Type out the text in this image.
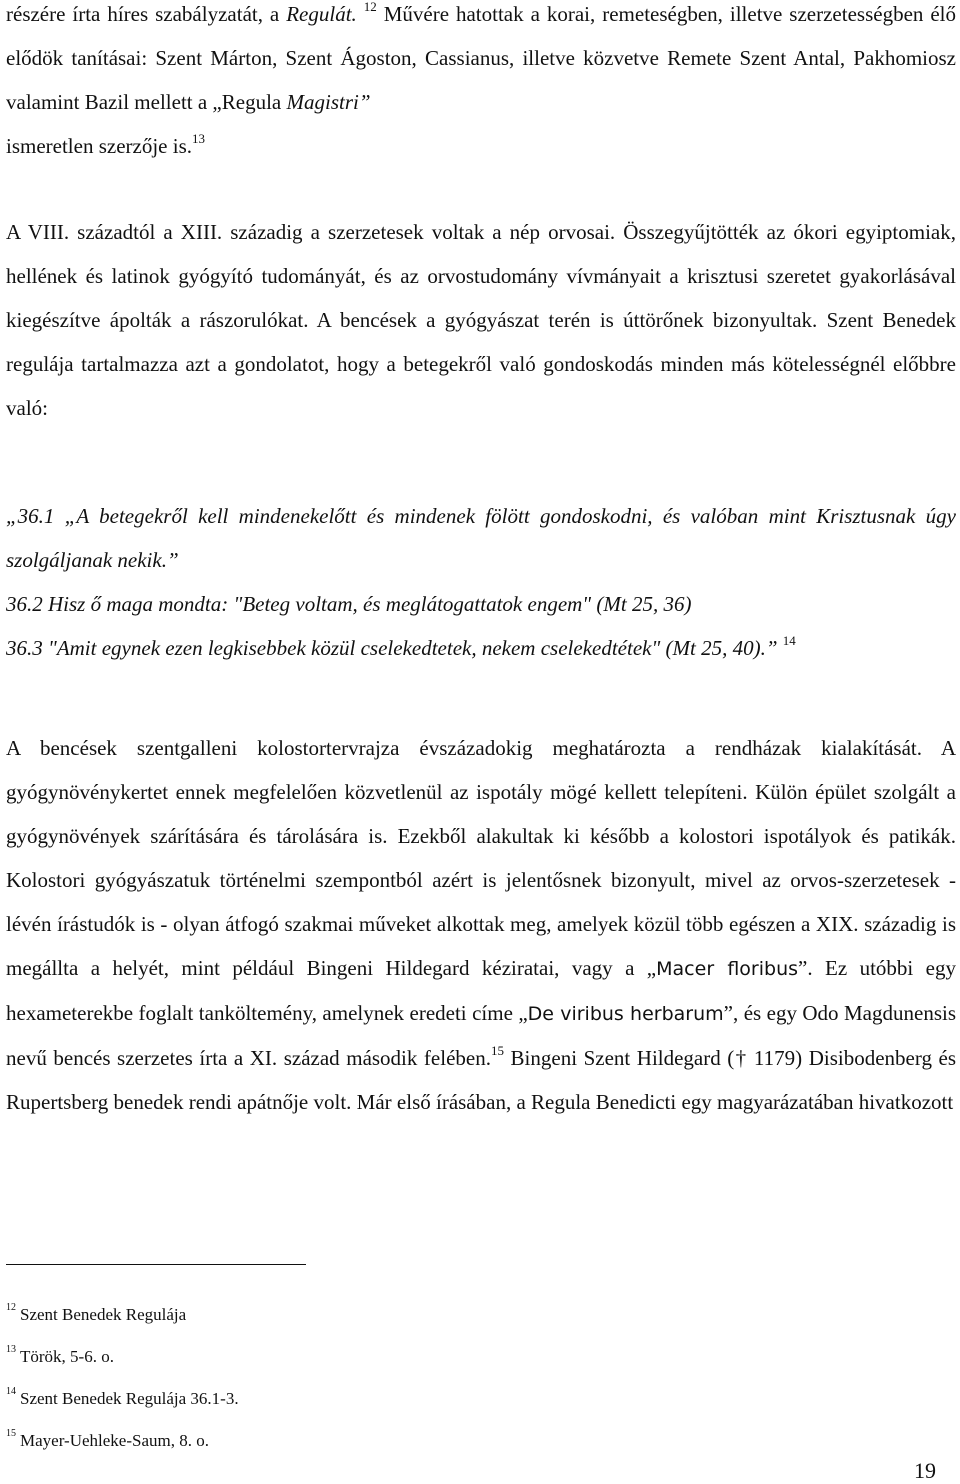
részére írta híres szabályzatát, a Regulát. $^{12}$ Művére hatottak a korai, remeteségben, illetve szerzetességben élő elődök tanításai: Szent Márton, Szent Ágoston, Cassianus, illetve közvetve Remete Szent Antal, Pakhomiosz valamint Bazil mellett a „Regula Magistri”
ismeretlen szerzője is.$^{13}$

A VIII. századtól a XIII. századig a szerzetesek voltak a nép orvosai. Összegyűjtötték az ókori egyiptomiak, hellének és latinok gyógyító tudományát, és az orvostudomány vívmányait a krisztusi szeretet gyakorlásával kiegészítve ápolták a rászorulókat. A bencések a gyógyászat terén is úttörőnek bizonyultak. Szent Benedek regulája tartalmazza azt a gondolatot, hogy a betegekről való gondoskodás minden más kötelességnél előbbre való:

„36.1 „A betegekről kell mindenekelőtt és mindenek fölött gondoskodni, és valóban mint Krisztusnak úgy szolgáljanak nekik.”

36.2 Hisz ő maga mondta: "Beteg voltam, és meglátogattatok engem" (Mt 25, 36)

36.3 "Amit egynek ezen legkisebbek közül cselekedtetek, nekem cselekedtétek" (Mt 25, 40).” $^{14}$

A bencések szentgalleni kolostortervrajza évszázadokig meghatározta a rendházak kialakítását. A gyógynövénykertet ennek megfelelően közvetlenül az ispotály mögé kellett telepíteni. Külön épület szolgált a gyógynövények szárítására és tárolására is. Ezekből alakultak ki később a kolostori ispotályok és patikák. Kolostori gyógyászatuk történelmi szempontból azért is jelentősnek bizonyult, mivel az orvos-szerzetesek - lévén írástudók is - olyan átfogó szakmai műveket alkottak meg, amelyek közül több egészen a XIX. századig is megállta a helyét, mint például Bingeni Hildegard kéziratai, vagy a „Macer floribus”. Ez utóbbi egy hexameterekbe foglalt tanköltemény, amelynek eredeti címe „De viribus herbarum”, és egy Odo Magdunensis nevű bencés szerzetes írta a XI. század második felében.$^{15}$ Bingeni Szent Hildegard († 1179) Disibodenberg és Rupertsberg benedek rendi apátnője volt. Már első írásában, a Regula Benedicti egy magyarázatában hivatkozott

$^{12}$ Szent Benedek Regulája

$^{13}$ Török, 5-6. o.

$^{14}$ Szent Benedek Regulája 36.1-3.

$^{15}$ Mayer-Uehleke-Saum, 8. o.

19
